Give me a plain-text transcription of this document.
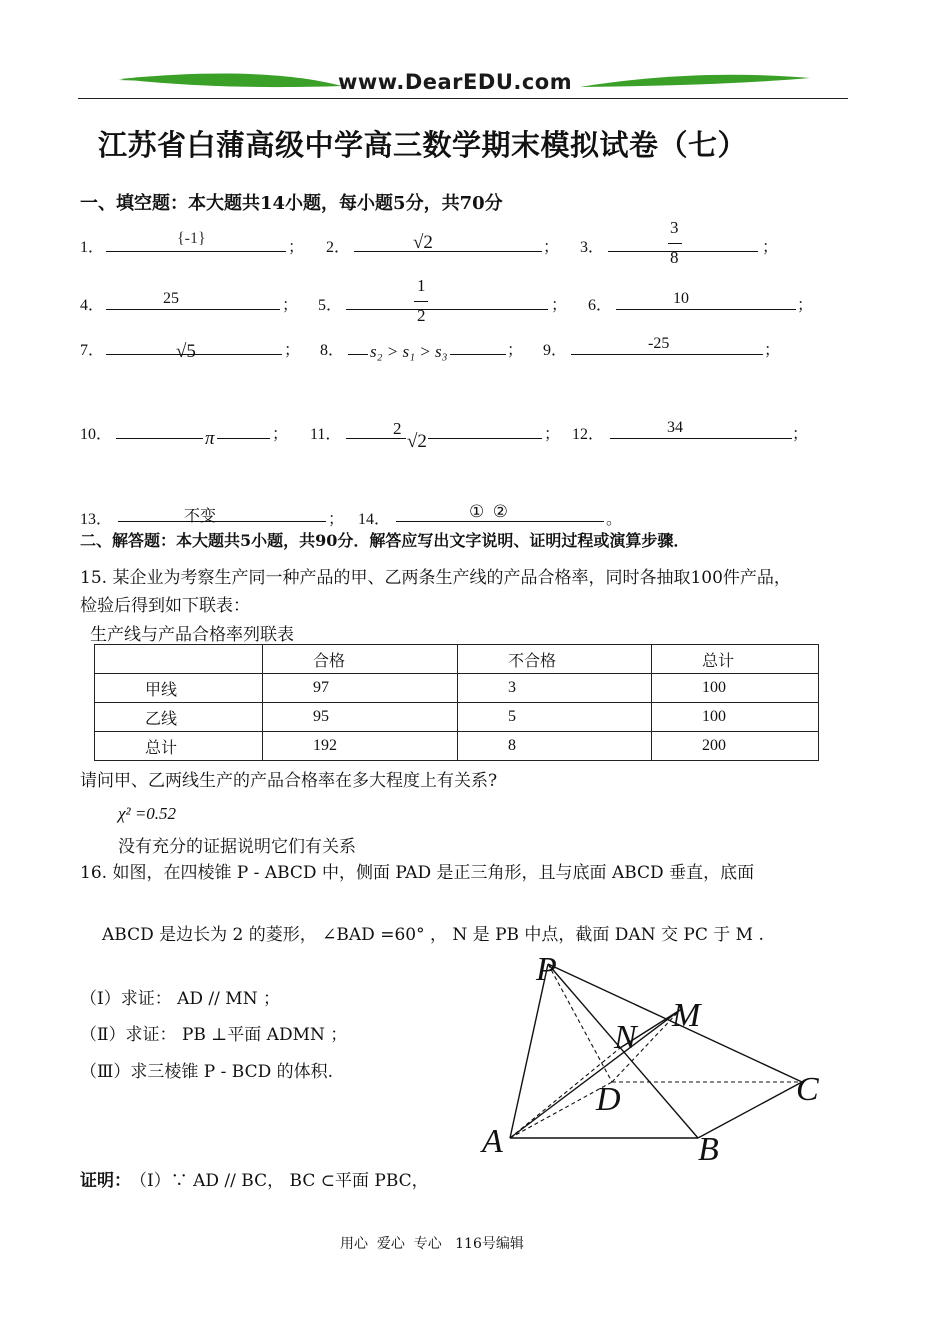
www.DearEDU.com
江苏省白蒲高级中学高三数学期末模拟试卷（七）
一、填空题：本大题共14小题，每小题5分，共70分
1．
{-1}
； 2．	√2	； 3．
3
8
；
4．	25	； 5．
1
2
； 6．	10	；
7．	√5	； 8． s₂ > s₁ > s₃	； 9．	-25	；
10．	π	； 11．	2
√2	； 12．	34	；
13．	不变	； 14．	①  ②	。
二、解答题：本大题共5小题，共90分．解答应写出文字说明、证明过程或演算步骤．
15. 某企业为考察生产同一种产品的甲、乙两条生产线的产品合格率，同时各抽取100件产品，
检验后得到如下联表：
生产线与产品合格率列联表
	合格	不合格	总计
甲线	97	3	100
乙线	95	5	100
总计	192	8	200
请问甲、乙两线生产的产品合格率在多大程度上有关系?
χ² =0.52
没有充分的证据说明它们有关系
16. 如图，在四棱锥 P - ABCD 中，侧面 PAD 是正三角形，且与底面 ABCD 垂直，底面
ABCD 是边长为 2 的菱形， ∠BAD =60° ， N 是 PB 中点，截面 DAN 交 PC 于 M .
（Ⅰ）求证： AD // MN ；
（Ⅱ）求证： PB ⊥平面 ADMN ；
（Ⅲ）求三棱锥 P - BCD 的体积.
P
M
N
D	C
A	B
证明： （Ⅰ）∵ AD // BC， BC ⊂平面 PBC，
用心  爱心  专心   116号编辑
